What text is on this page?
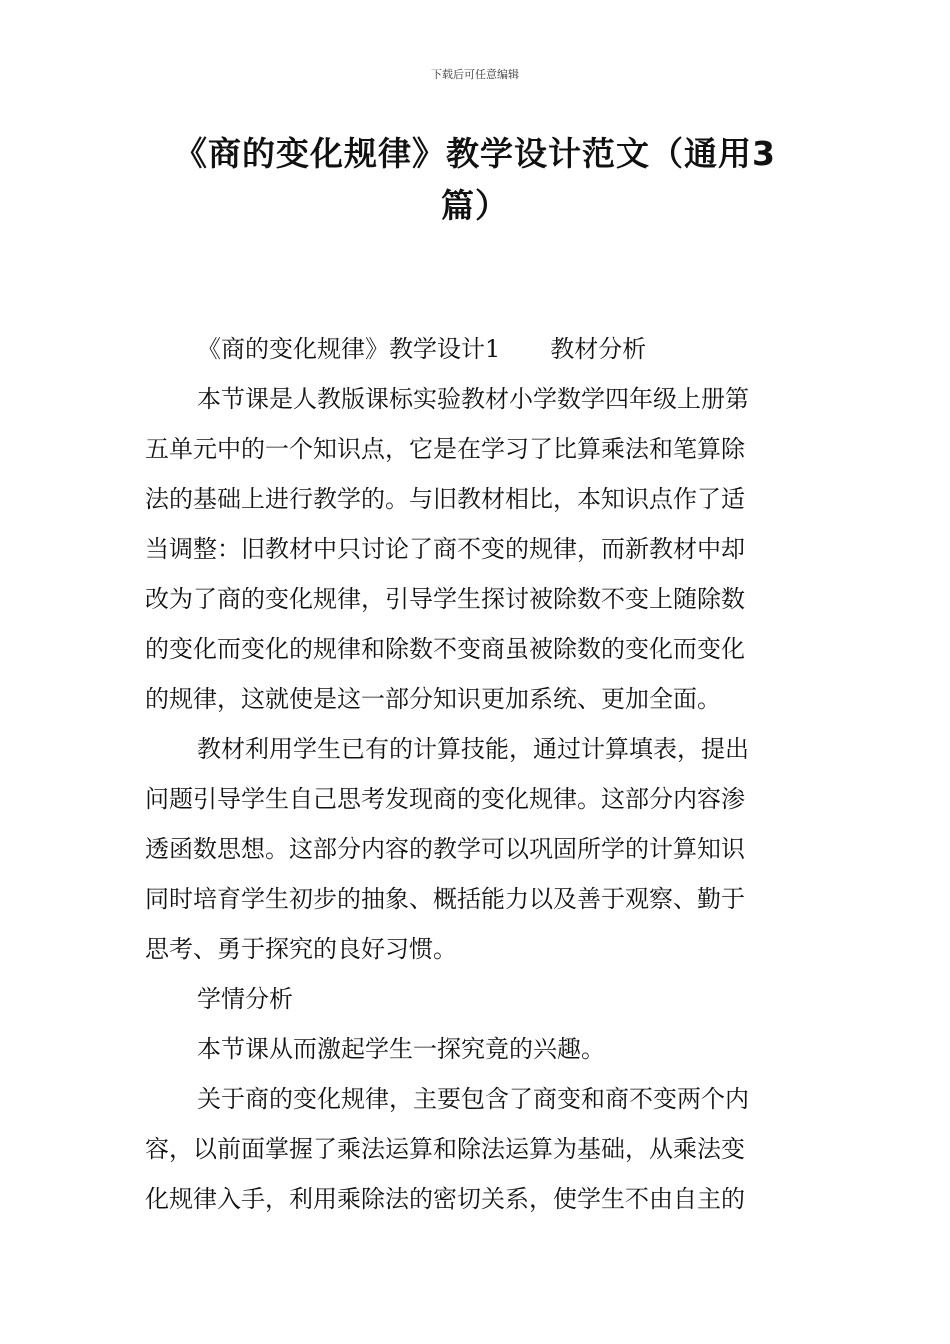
下载后可任意编辑
《商的变化规律》教学设计范文（通用3
篇）
《商的变化规律》教学设计1 教材分析
本节课是人教版课标实验教材小学数学四年级上册第
五单元中的一个知识点，它是在学习了比算乘法和笔算除
法的基础上进行教学的。与旧教材相比，本知识点作了适
当调整：旧教材中只讨论了商不变的规律，而新教材中却
改为了商的变化规律，引导学生探讨被除数不变上随除数
的变化而变化的规律和除数不变商虽被除数的变化而变化
的规律，这就使是这一部分知识更加系统、更加全面。
教材利用学生已有的计算技能，通过计算填表，提出
问题引导学生自己思考发现商的变化规律。这部分内容渗
透函数思想。这部分内容的教学可以巩固所学的计算知识
同时培育学生初步的抽象、概括能力以及善于观察、勤于
思考、勇于探究的良好习惯。
学情分析
本节课从而激起学生一探究竟的兴趣。
关于商的变化规律，主要包含了商变和商不变两个内
容，以前面掌握了乘法运算和除法运算为基础，从乘法变
化规律入手，利用乘除法的密切关系，使学生不由自主的
